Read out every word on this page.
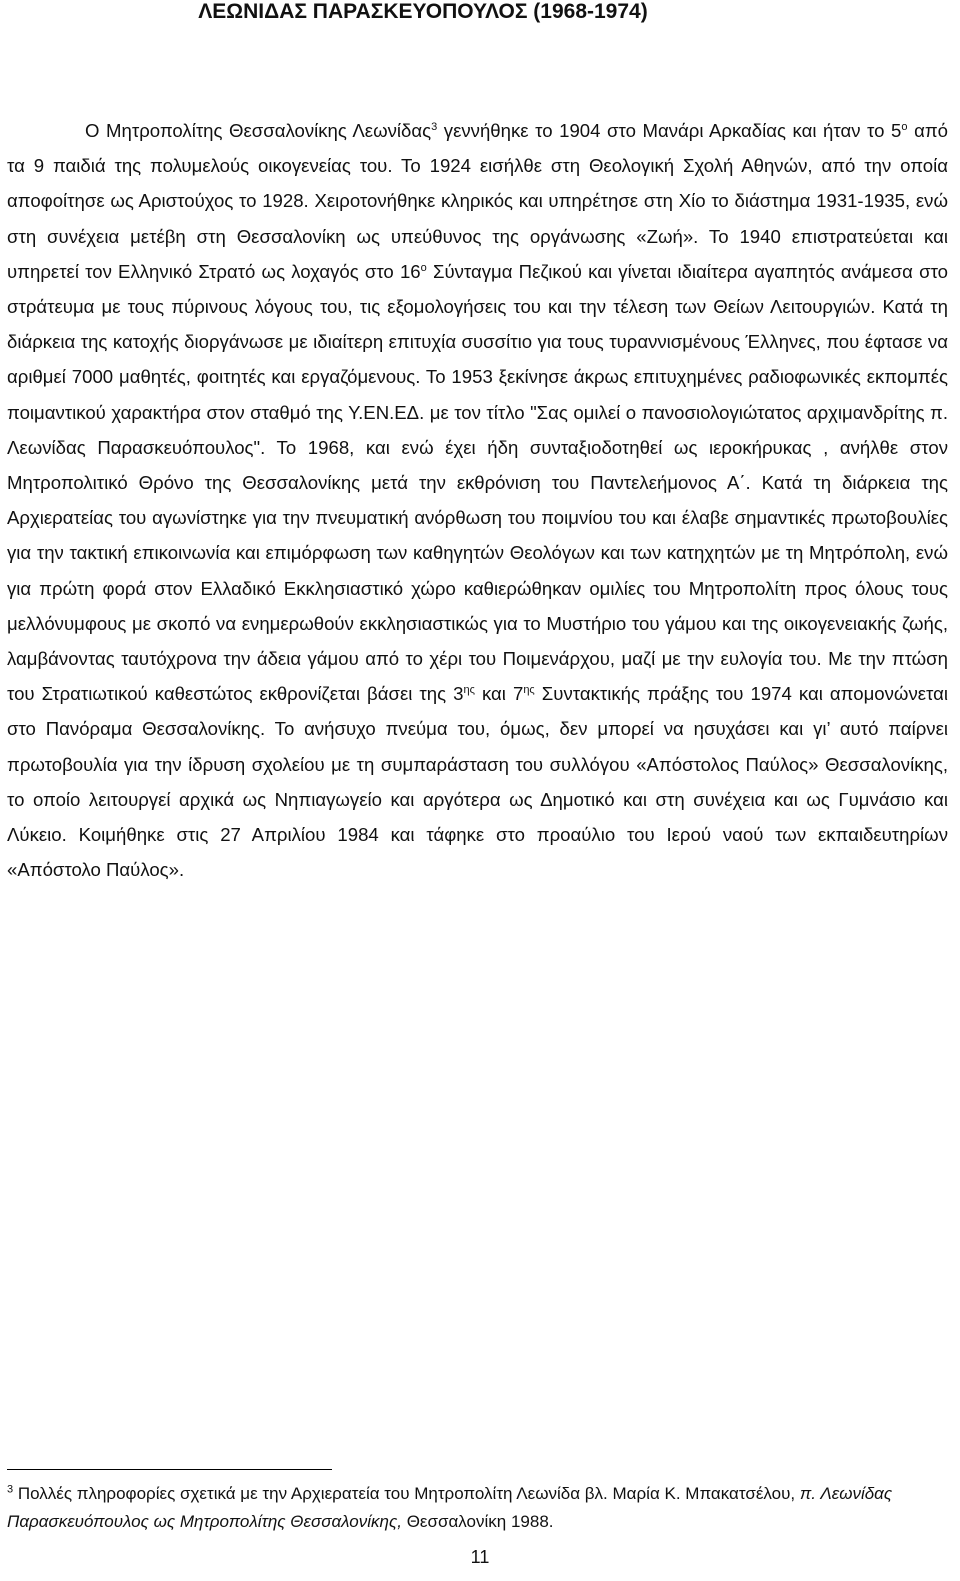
ΛΕΩΝΙΔΑΣ ΠΑΡΑΣΚΕΥΟΠΟΥΛΟΣ (1968-1974)

Ο Μητροπολίτης Θεσσαλονίκης Λεωνίδας$^3$ γεννήθηκε το 1904 στο Μανάρι Αρκαδίας και ήταν το $5^o$ από τα 9 παιδιά της πολυμελούς οικογενείας του. Το 1924 εισήλθε στη Θεολογική Σχολή Αθηνών, από την οποία αποφοίτησε ως Αριστούχος το 1928. Χειροτονήθηκε κληρικός και υπηρέτησε στη Χίο το διάστημα 1931-1935, ενώ στη συνέχεια μετέβη στη Θεσσαλονίκη ως υπεύθυνος της οργάνωσης «Ζωή». Το 1940 επιστρατεύεται και υπηρετεί τον Ελληνικό Στρατό ως λοχαγός στο $16^o$ Σύνταγμα Πεζικού και γίνεται ιδιαίτερα αγαπητός ανάμεσα στο στράτευμα με τους πύρινους λόγους του, τις εξομολογήσεις του και την τέλεση των Θείων Λειτουργιών. Κατά τη διάρκεια της κατοχής διοργάνωσε με ιδιαίτερη επιτυχία συσσίτιο για τους τυραννισμένους Έλληνες, που έφτασε να αριθμεί 7000 μαθητές, φοιτητές και εργαζόμενους. Το 1953 ξεκίνησε άκρως επιτυχημένες ραδιοφωνικές εκπομπές ποιμαντικού χαρακτήρα στον σταθμό της Υ.ΕΝ.ΕΔ. με τον τίτλο "Σας ομιλεί ο πανοσιολογιώτατος αρχιμανδρίτης π. Λεωνίδας Παρασκευόπουλος". Το 1968, και ενώ έχει ήδη συνταξιοδοτηθεί ως ιεροκήρυκας , ανήλθε στον Μητροπολιτικό Θρόνο της Θεσσαλονίκης μετά την εκθρόνιση του Παντελεήμονος Α΄. Κατά τη διάρκεια της Αρχιερατείας του αγωνίστηκε για την πνευματική ανόρθωση του ποιμνίου του και έλαβε σημαντικές πρωτοβουλίες για την τακτική επικοινωνία και επιμόρφωση των καθηγητών Θεολόγων και των κατηχητών με τη Μητρόπολη, ενώ για πρώτη φορά στον Ελλαδικό Εκκλησιαστικό χώρο καθιερώθηκαν ομιλίες του Μητροπολίτη προς όλους τους μελλόνυμφους με σκοπό να ενημερωθούν εκκλησιαστικώς για το Μυστήριο του γάμου και της οικογενειακής ζωής, λαμβάνοντας ταυτόχρονα την άδεια γάμου από το χέρι του Ποιμενάρχου, μαζί με την ευλογία του. Με την πτώση του Στρατιωτικού καθεστώτος εκθρονίζεται βάσει της $3^{\eta\varsigma}$ και $7^{\eta\varsigma}$ Συντακτικής πράξης του 1974 και απομονώνεται στο Πανόραμα Θεσσαλονίκης. Το ανήσυχο πνεύμα του, όμως, δεν μπορεί να ησυχάσει και γι’ αυτό παίρνει πρωτοβουλία για την ίδρυση σχολείου με τη συμπαράσταση του συλλόγου «Απόστολος Παύλος» Θεσσαλονίκης, το οποίο λειτουργεί αρχικά ως Νηπιαγωγείο και αργότερα ως Δημοτικό και στη συνέχεια και ως Γυμνάσιο και Λύκειο. Κοιμήθηκε στις 27 Απριλίου 1984 και τάφηκε στο προαύλιο του Ιερού ναού των εκπαιδευτηρίων «Απόστολο Παύλος».

$^3$ Πολλές πληροφορίες σχετικά με την Αρχιερατεία του Μητροπολίτη Λεωνίδα βλ. Μαρία Κ. Μπακατσέλου, π. Λεωνίδας Παρασκευόπουλος ως Μητροπολίτης Θεσσαλονίκης, Θεσσαλονίκη 1988.

11
